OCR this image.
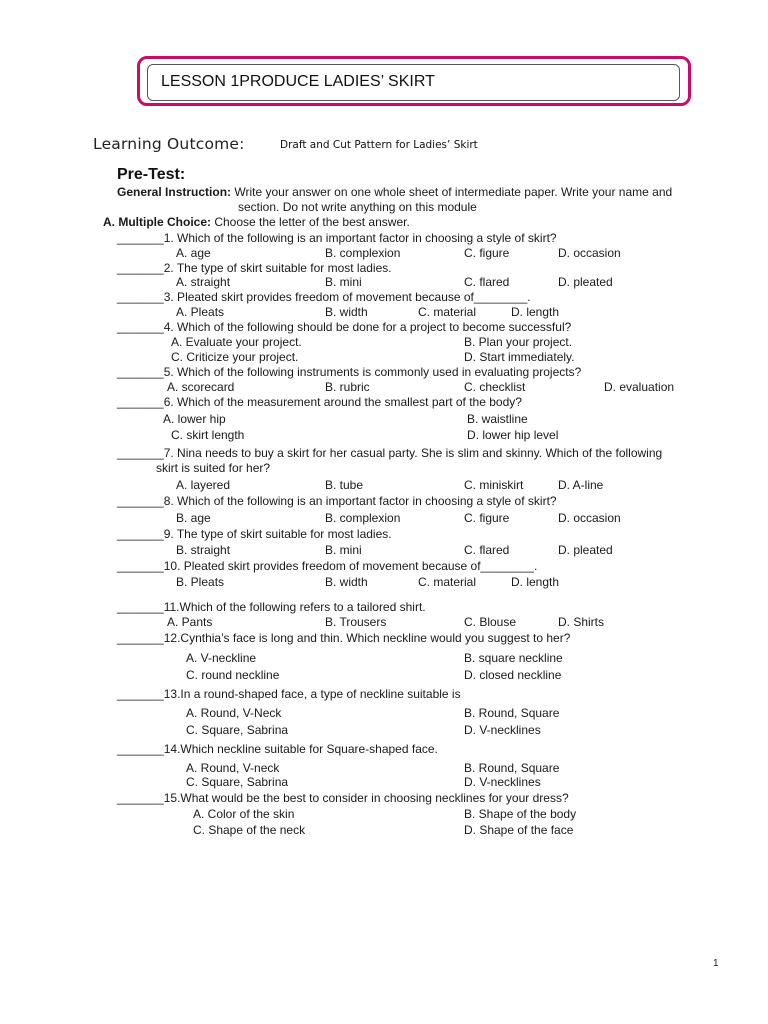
LESSON 1PRODUCE LADIES’ SKIRT
Learning Outcome:	Draft and Cut Pattern for Ladies’ Skirt
Pre-Test:
General Instruction: Write your answer on one whole sheet of intermediate paper. Write your name and
section. Do not write anything on this module
A. Multiple Choice: Choose the letter of the best answer.
_______1. Which of the following is an important factor in choosing a style of skirt?
A. age	B. complexion	C. figure	D. occasion
_______2. The type of skirt suitable for most ladies.
A. straight	B. mini	C. flared	D. pleated
_______3. Pleated skirt provides freedom of movement because of________.
A. Pleats	B. width	C. material	D. length
_______4. Which of the following should be done for a project to become successful?
A. Evaluate your project.	B. Plan your project.
C. Criticize your project.	D. Start immediately.
_______5. Which of the following instruments is commonly used in evaluating projects?
A. scorecard	B. rubric	C. checklist	D. evaluation
_______6. Which of the measurement around the smallest part of the body?
A. lower hip	B. waistline
C. skirt length	D. lower hip level
_______7. Nina needs to buy a skirt for her casual party. She is slim and skinny. Which of the following
skirt is suited for her?
A. layered	B. tube	C. miniskirt	D. A-line
_______8. Which of the following is an important factor in choosing a style of skirt?
B. age	B. complexion	C. figure	D. occasion
_______9. The type of skirt suitable for most ladies.
B. straight	B. mini	C. flared	D. pleated
_______10. Pleated skirt provides freedom of movement because of________.
B. Pleats	B. width	C. material	D. length
_______11.Which of the following refers to a tailored shirt.
A. Pants	B. Trousers	C. Blouse	D. Shirts
_______12.Cynthia’s face is long and thin. Which neckline would you suggest to her?
A. V-neckline	B. square neckline
C. round neckline	D. closed neckline
_______13.In a round-shaped face, a type of neckline suitable is
A. Round, V-Neck	B. Round, Square
C. Square, Sabrina	D. V-necklines
_______14.Which neckline suitable for Square-shaped face.
A. Round, V-neck	B. Round, Square
C. Square, Sabrina	D. V-necklines
_______15.What would be the best to consider in choosing necklines for your dress?
A. Color of the skin	B. Shape of the body
C. Shape of the neck	D. Shape of the face
1
